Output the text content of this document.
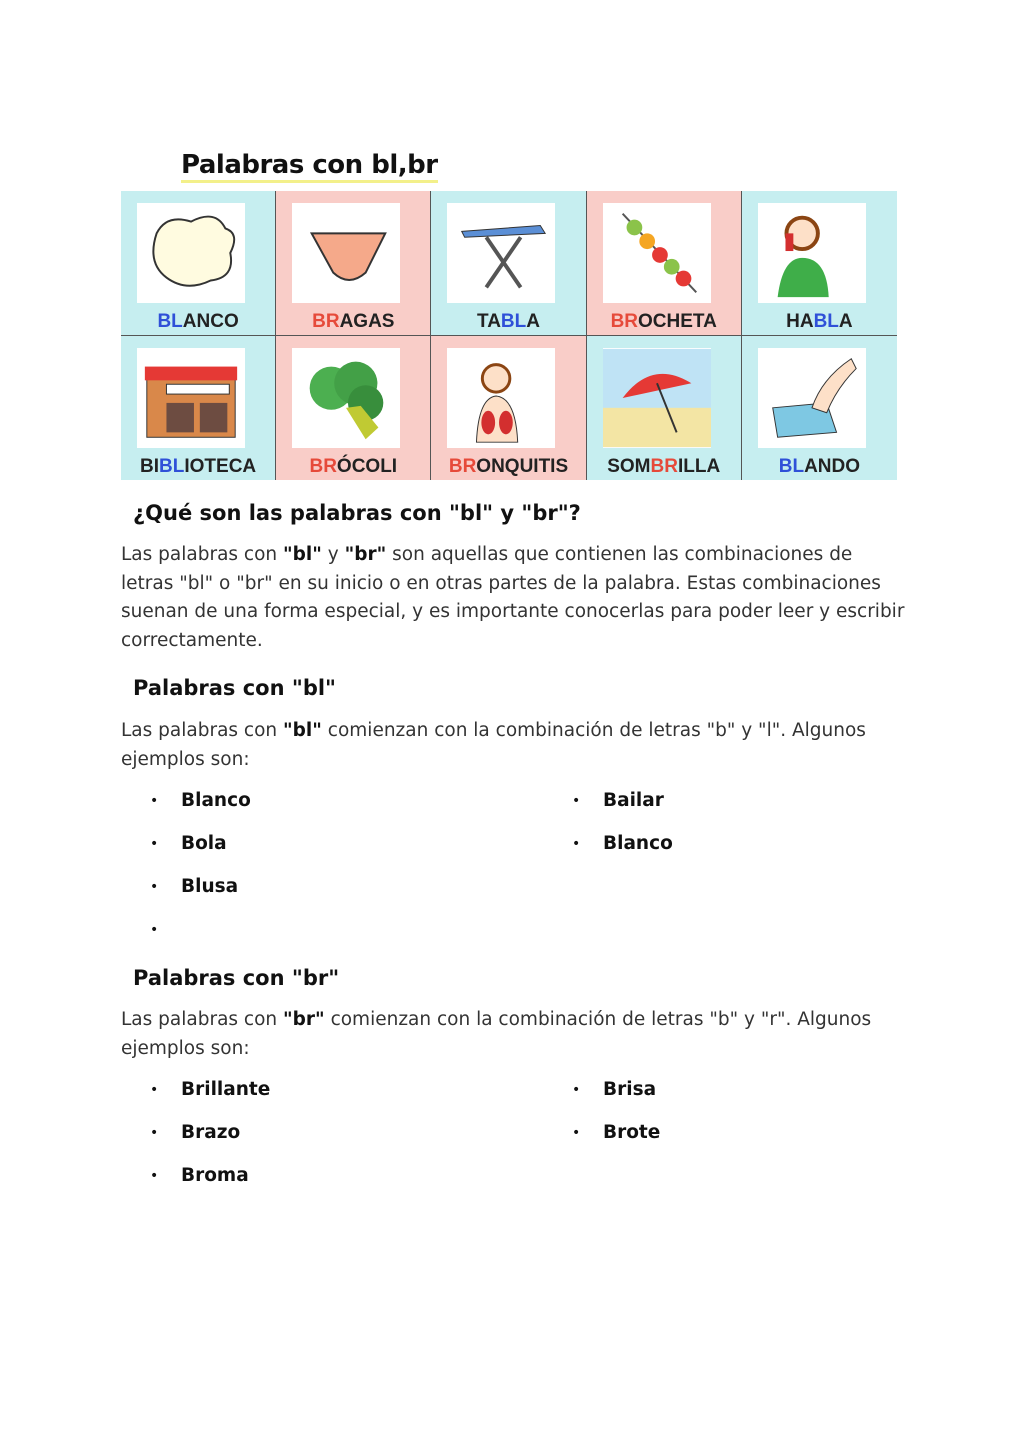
Palabras con bl,br
BLANCO	BRAGAS	TABLA	BROCHETA	HABLA
BIBLIOTECA	BRÓCOLI	BRONQUITIS	SOMBRILLA	BLANDO
¿Qué son las palabras con "bl" y "br"?

Las palabras con "bl" y "br" son aquellas que contienen las combinaciones de letras "bl" o "br" en su inicio o en otras partes de la palabra. Estas combinaciones suenan de una forma especial, y es importante conocerlas para poder leer y escribir correctamente.

Palabras con "bl"

Las palabras con "bl" comienzan con la combinación de letras "b" y "l". Algunos ejemplos son:

• Blanco
• Bola
• Blusa
•
• Bailar
• Blanco
Palabras con "br"

Las palabras con "br" comienzan con la combinación de letras "b" y "r". Algunos ejemplos son:

• Brillante
• Brazo
• Broma
• Brisa
• Brote
